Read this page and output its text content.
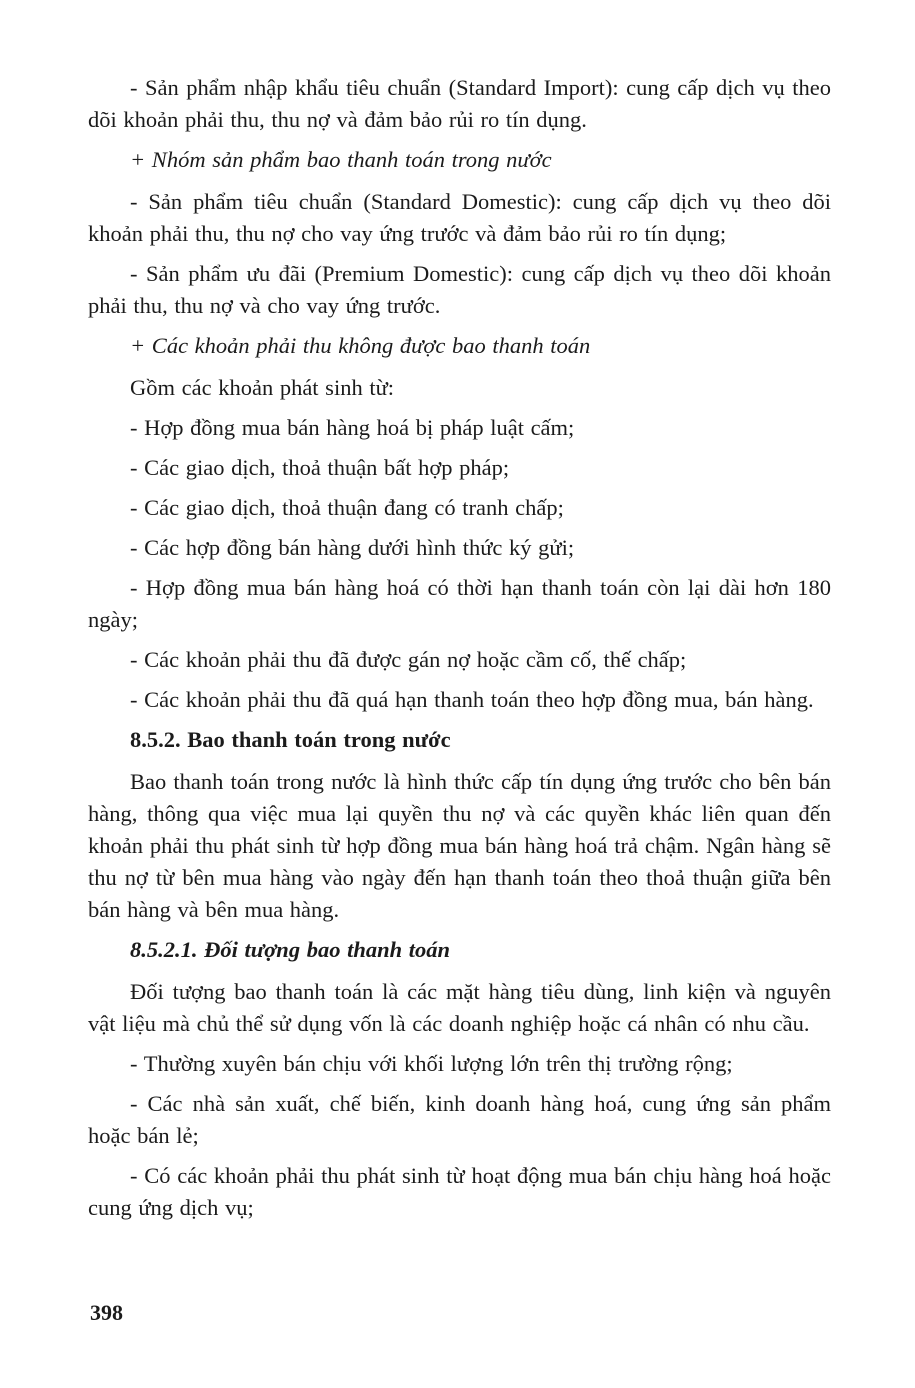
- Sản phẩm nhập khẩu tiêu chuẩn (Standard Import): cung cấp dịch vụ theo dõi khoản phải thu, thu nợ và đảm bảo rủi ro tín dụng.

+ Nhóm sản phẩm bao thanh toán trong nước

- Sản phẩm tiêu chuẩn (Standard Domestic): cung cấp dịch vụ theo dõi khoản phải thu, thu nợ cho vay ứng trước và đảm bảo rủi ro tín dụng;

- Sản phẩm ưu đãi (Premium Domestic): cung cấp dịch vụ theo dõi khoản phải thu, thu nợ và cho vay ứng trước.

+ Các khoản phải thu không được bao thanh toán

Gồm các khoản phát sinh từ:

- Hợp đồng mua bán hàng hoá bị pháp luật cấm;

- Các giao dịch, thoả thuận bất hợp pháp;

- Các giao dịch, thoả thuận đang có tranh chấp;

- Các hợp đồng bán hàng dưới hình thức ký gửi;

- Hợp đồng mua bán hàng hoá có thời hạn thanh toán còn lại dài hơn 180 ngày;

- Các khoản phải thu đã được gán nợ hoặc cầm cố, thế chấp;

- Các khoản phải thu đã quá hạn thanh toán theo hợp đồng mua, bán hàng.

8.5.2. Bao thanh toán trong nước

Bao thanh toán trong nước là hình thức cấp tín dụng ứng trước cho bên bán hàng, thông qua việc mua lại quyền thu nợ và các quyền khác liên quan đến khoản phải thu phát sinh từ hợp đồng mua bán hàng hoá trả chậm. Ngân hàng sẽ thu nợ từ bên mua hàng vào ngày đến hạn thanh toán theo thoả thuận giữa bên bán hàng và bên mua hàng.

8.5.2.1. Đối tượng bao thanh toán

Đối tượng bao thanh toán là các mặt hàng tiêu dùng, linh kiện và nguyên vật liệu mà chủ thể sử dụng vốn là các doanh nghiệp hoặc cá nhân có nhu cầu.

- Thường xuyên bán chịu với khối lượng lớn trên thị trường rộng;

- Các nhà sản xuất, chế biến, kinh doanh hàng hoá, cung ứng sản phẩm hoặc bán lẻ;

- Có các khoản phải thu phát sinh từ hoạt động mua bán chịu hàng hoá hoặc cung ứng dịch vụ;

398
